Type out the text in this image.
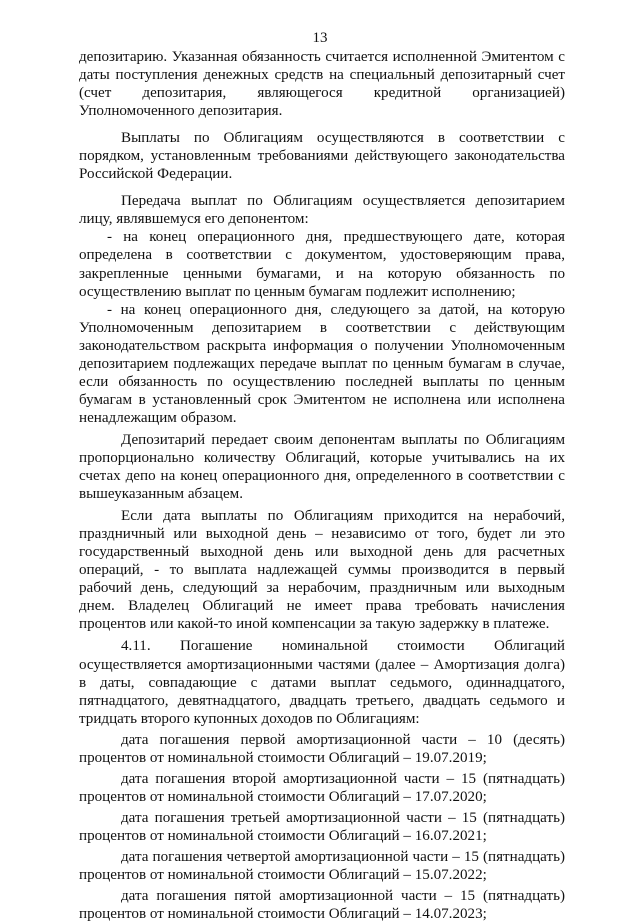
13

депозитарию. Указанная обязанность считается исполненной Эмитентом с даты поступления денежных средств на специальный депозитарный счет (счет депозитария, являющегося кредитной организацией) Уполномоченного депозитария.

Выплаты по Облигациям осуществляются в соответствии с порядком, установленным требованиями действующего законодательства Российской Федерации.

Передача выплат по Облигациям осуществляется депозитарием лицу, являвшемуся его депонентом:

- на конец операционного дня, предшествующего дате, которая определена в соответствии с документом, удостоверяющим права, закрепленные ценными бумагами, и на которую обязанность по осуществлению выплат по ценным бумагам подлежит исполнению;

- на конец операционного дня, следующего за датой, на которую Уполномоченным депозитарием в соответствии с действующим законодательством раскрыта информация о получении Уполномоченным депозитарием подлежащих передаче выплат по ценным бумагам в случае, если обязанность по осуществлению последней выплаты по ценным бумагам в установленный срок Эмитентом не исполнена или исполнена ненадлежащим образом.

Депозитарий передает своим депонентам выплаты по Облигациям пропорционально количеству Облигаций, которые учитывались на их счетах депо на конец операционного дня, определенного в соответствии с вышеуказанным абзацем.

Если дата выплаты по Облигациям приходится на нерабочий, праздничный или выходной день – независимо от того, будет ли это государственный выходной день или выходной день для расчетных операций, - то выплата надлежащей суммы производится в первый рабочий день, следующий за нерабочим, праздничным или выходным днем. Владелец Облигаций не имеет права требовать начисления процентов или какой-то иной компенсации за такую задержку в платеже.

4.11. Погашение номинальной стоимости Облигаций осуществляется амортизационными частями (далее – Амортизация долга) в даты, совпадающие с датами выплат седьмого, одиннадцатого, пятнадцатого, девятнадцатого, двадцать третьего, двадцать седьмого и тридцать второго купонных доходов по Облигациям:

дата погашения первой амортизационной части – 10 (десять) процентов от номинальной стоимости Облигаций – 19.07.2019;

дата погашения второй амортизационной части – 15 (пятнадцать) процентов от номинальной стоимости Облигаций – 17.07.2020;

дата погашения третьей амортизационной части – 15 (пятнадцать) процентов от номинальной стоимости Облигаций – 16.07.2021;

дата погашения четвертой амортизационной части – 15 (пятнадцать) процентов от номинальной стоимости Облигаций – 15.07.2022;

дата погашения пятой амортизационной части – 15 (пятнадцать) процентов от номинальной стоимости Облигаций – 14.07.2023;
